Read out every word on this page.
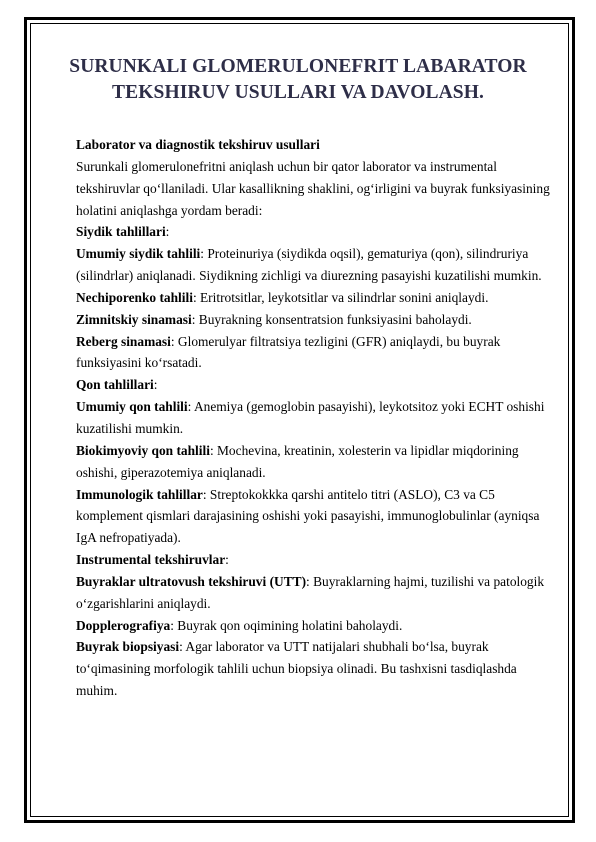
SURUNKALI GLOMERULONEFRIT LABARATOR TEKSHIRUV USULLARI VA DAVOLASH.

Laborator va diagnostik tekshiruv usullari

Surunkali glomerulonefritni aniqlash uchun bir qator laborator va instrumental tekshiruvlar qo‘llaniladi. Ular kasallikning shaklini, og‘irligini va buyrak funksiyasining holatini aniqlashga yordam beradi:

Siydik tahlillari:

Umumiy siydik tahlili: Proteinuriya (siydikda oqsil), gematuriya (qon), silindruriya (silindrlar) aniqlanadi. Siydikning zichligi va diurezning pasayishi kuzatilishi mumkin.

Nechiporenko tahlili: Eritrotsitlar, leykotsitlar va silindrlar sonini aniqlaydi.

Zimnitskiy sinamasi: Buyrakning konsentratsion funksiyasini baholaydi.

Reberg sinamasi: Glomerulyar filtratsiya tezligini (GFR) aniqlaydi, bu buyrak funksiyasini ko‘rsatadi.

Qon tahlillari:

Umumiy qon tahlili: Anemiya (gemoglobin pasayishi), leykotsitoz yoki ECHT oshishi kuzatilishi mumkin.

Biokimyoviy qon tahlili: Mochevina, kreatinin, xolesterin va lipidlar miqdorining oshishi, giperazotemiya aniqlanadi.

Immunologik tahlillar: Streptokokkka qarshi antitelo titri (ASLO), C3 va C5 komplement qismlari darajasining oshishi yoki pasayishi, immunoglobulinlar (ayniqsa IgA nefropatiyada).

Instrumental tekshiruvlar:

Buyraklar ultratovush tekshiruvi (UTT): Buyraklarning hajmi, tuzilishi va patologik o‘zgarishlarini aniqlaydi.

Dopplerografiya: Buyrak qon oqimining holatini baholaydi.

Buyrak biopsiyasi: Agar laborator va UTT natijalari shubhali bo‘lsa, buyrak to‘qimasining morfologik tahlili uchun biopsiya olinadi. Bu tashxisni tasdiqlashda muhim.
